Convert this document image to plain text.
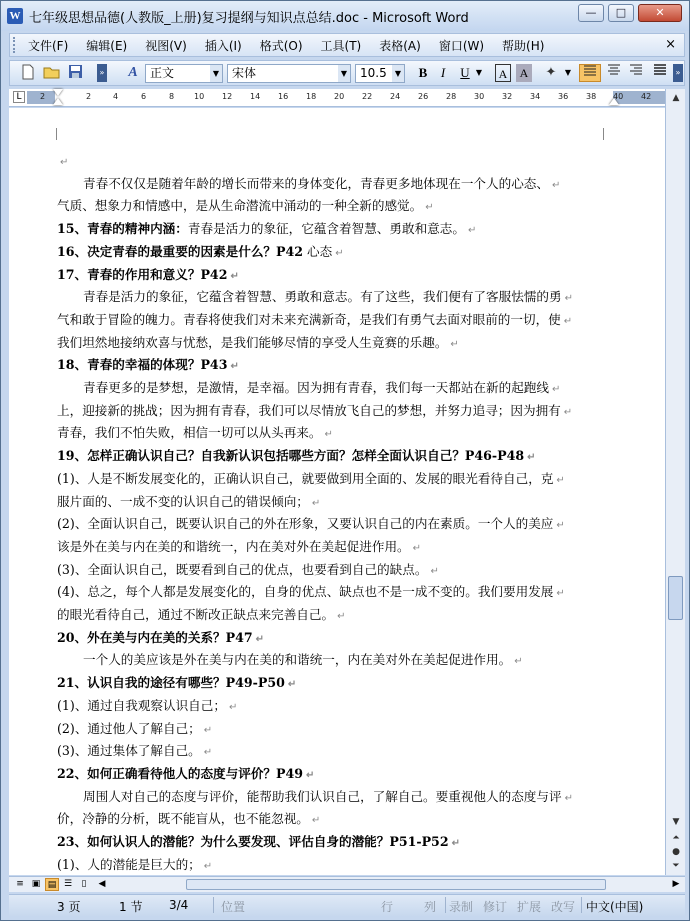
W 七年级思想品德(人教版_上册)复习提纲与知识点总结.doc - Microsoft Word	—	□	✕
文件(F)	编辑(E)	视图(V)	插入(I)	格式(O)	工具(T)	表格(A)	窗口(W)	帮助(H)	×
»	A	正文	▼	宋体	▼	10.5	▼ B	I	U ▼	A	A	✦	▼	»
L	2	2	4	6	8 10 12 14 16 18 20 22 24 26 28 30 32 34 36 38 40 42

↵

青春不仅仅是随着年龄的增长而带来的身体变化，青春更多地体现在一个人的心态、 ↵

气质、想象力和情感中，是从生命潜流中涌动的一种全新的感觉。 ↵

15、青春的精神内涵：青春是活力的象征，它蕴含着智慧、勇敢和意志。 ↵

16、决定青春的最重要的因素是什么？P42 心态 ↵

17、青春的作用和意义？P42 ↵

青春是活力的象征，它蕴含着智慧、勇敢和意志。有了这些，我们便有了客服怯懦的勇 ↵

气和敢于冒险的魄力。青春将使我们对未来充满新奇，是我们有勇气去面对眼前的一切，使 ↵

我们坦然地接纳欢喜与忧愁，是我们能够尽情的享受人生竟赛的乐趣。 ↵

18、青春的幸福的体现？P43 ↵

青春更多的是梦想，是激情，是幸福。因为拥有青春，我们每一天都站在新的起跑线 ↵

上，迎接新的挑战；因为拥有青春，我们可以尽情放飞自己的梦想，并努力追寻；因为拥有 ↵

青春，我们不怕失败，相信一切可以从头再来。 ↵

19、怎样正确认识自己？自我新认识包括哪些方面？怎样全面认识自己？P46-P48 ↵

(1)、人是不断发展变化的，正确认识自己，就要做到用全面的、发展的眼光看待自己，克 ↵

服片面的、一成不变的认识自己的错误倾向； ↵

(2)、全面认识自己，既要认识自己的外在形象，又要认识自己的内在素质。一个人的美应 ↵

该是外在美与内在美的和谐统一，内在美对外在美起促进作用。 ↵

(3)、全面认识自己，既要看到自己的优点，也要看到自己的缺点。 ↵

(4)、总之，每个人都是发展变化的，自身的优点、缺点也不是一成不变的。我们要用发展 ↵

的眼光看待自己，通过不断改正缺点来完善自己。 ↵

20、外在美与内在美的关系？P47 ↵

一个人的美应该是外在美与内在美的和谐统一，内在美对外在美起促进作用。 ↵

21、认识自我的途径有哪些？P49-P50 ↵

(1)、通过自我观察认识自己； ↵

(2)、通过他人了解自己； ↵

(3)、通过集体了解自己。 ↵

22、如何正确看待他人的态度与评价？P49 ↵

周围人对自己的态度与评价，能帮助我们认识自己，了解自己。要重视他人的态度与评 ↵

价，冷静的分析，既不能盲从，也不能忽视。 ↵

23、如何认识人的潜能？为什么要发现、评估自身的潜能？P51-P52 ↵

(1)、人的潜能是巨大的； ↵

▲
▼
⏶
●
⏷
≡ ▣ ▤ ☰	▯	◀	▶
3 页	1 节 3/4	位置	行	列 录制 修订 扩展 改写 中文(中国)
